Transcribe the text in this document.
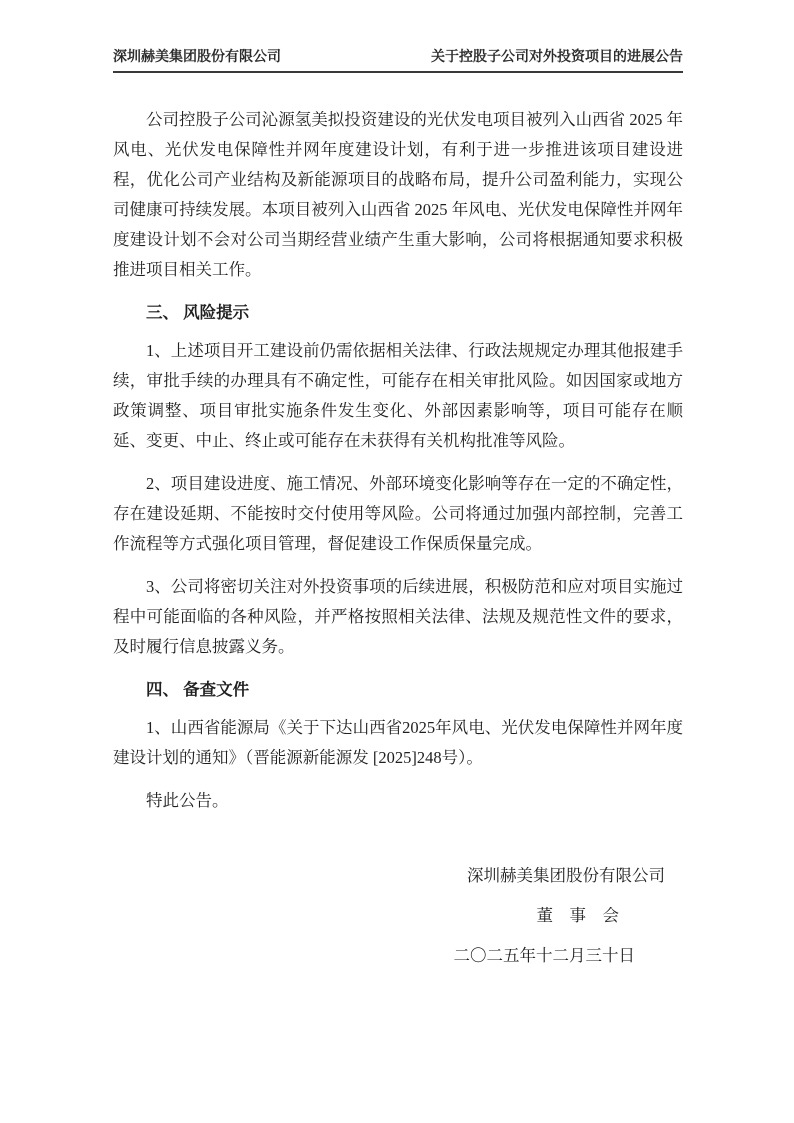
深圳赫美集团股份有限公司	关于控股子公司对外投资项目的进展公告

公司控股子公司沁源氢美拟投资建设的光伏发电项目被列入山西省 2025 年风电、光伏发电保障性并网年度建设计划，有利于进一步推进该项目建设进程，优化公司产业结构及新能源项目的战略布局，提升公司盈利能力，实现公司健康可持续发展。本项目被列入山西省 2025 年风电、光伏发电保障性并网年度建设计划不会对公司当期经营业绩产生重大影响，公司将根据通知要求积极推进项目相关工作。

三、 风险提示

1、上述项目开工建设前仍需依据相关法律、行政法规规定办理其他报建手续，审批手续的办理具有不确定性，可能存在相关审批风险。如因国家或地方政策调整、项目审批实施条件发生变化、外部因素影响等，项目可能存在顺延、变更、中止、终止或可能存在未获得有关机构批准等风险。

2、项目建设进度、施工情况、外部环境变化影响等存在一定的不确定性，存在建设延期、不能按时交付使用等风险。公司将通过加强内部控制，完善工作流程等方式强化项目管理，督促建设工作保质保量完成。

3、公司将密切关注对外投资事项的后续进展，积极防范和应对项目实施过程中可能面临的各种风险，并严格按照相关法律、法规及规范性文件的要求，及时履行信息披露义务。

四、 备查文件

1、山西省能源局《关于下达山西省2025年风电、光伏发电保障性并网年度建设计划的通知》（晋能源新能源发 [2025]248号）。

特此公告。

深圳赫美集团股份有限公司

董　事　会

二〇二五年十二月三十日
